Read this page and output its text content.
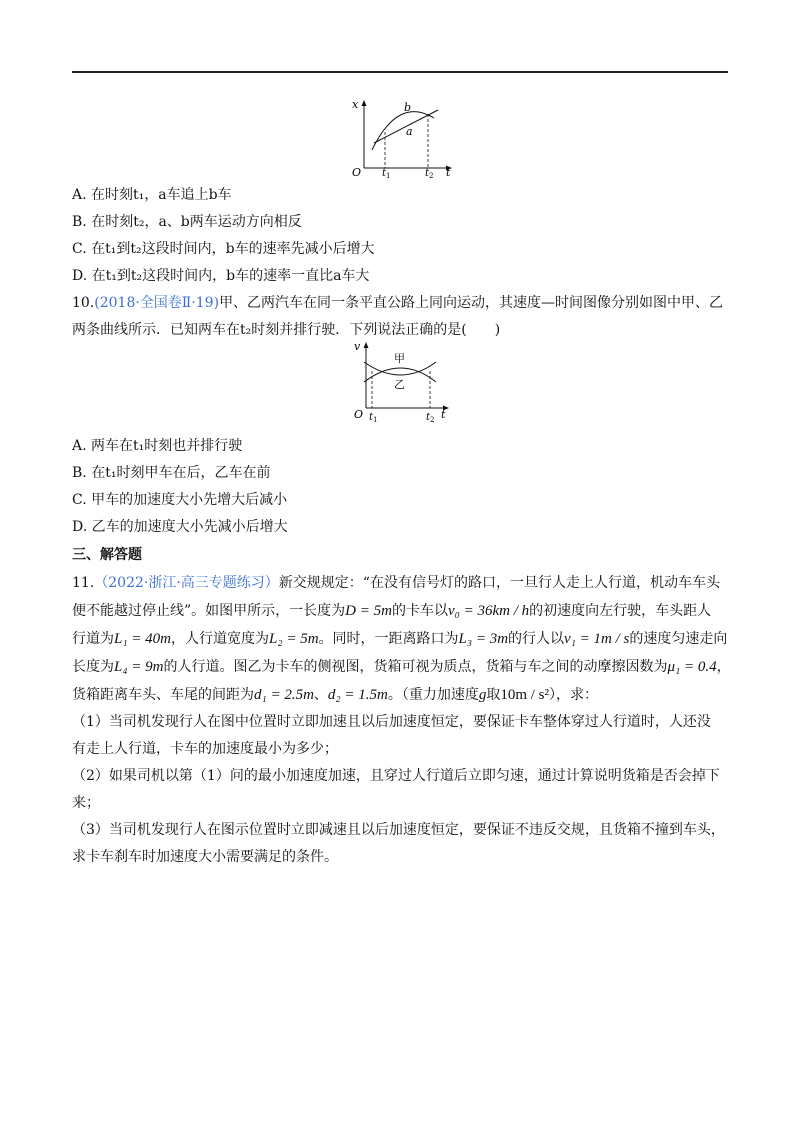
x	b
a
O $t_1$	$t_2$ t
A. 在时刻t₁，a车追上b车
B. 在时刻t₂，a、b两车运动方向相反
C. 在t₁到t₂这段时间内，b车的速率先减小后增大
D. 在t₁到t₂这段时间内，b车的速率一直比a车大
10.(2018·全国卷Ⅱ·19)甲、乙两汽车在同一条平直公路上同向运动，其速度—时间图像分别如图中甲、乙
两条曲线所示．已知两车在t₂时刻并排行驶．下列说法正确的是(　　)
v
甲
乙
O $t_1$	$t_2$ t
A. 两车在t₁时刻也并排行驶
B. 在t₁时刻甲车在后，乙车在前
C. 甲车的加速度大小先增大后减小
D. 乙车的加速度大小先减小后增大
三、解答题
11.（2022·浙江·高三专题练习）新交规规定：“在没有信号灯的路口，一旦行人走上人行道，机动车车头
便不能越过停止线”。如图甲所示，一长度为D = 5m的卡车以v₀ = 36km / h的初速度向左行驶，车头距人
行道为L₁ = 40m，人行道宽度为L₂ = 5m。同时，一距离路口为L₃ = 3m的行人以v₁ = 1m / s的速度匀速走向
长度为L₄ = 9m的人行道。图乙为卡车的侧视图，货箱可视为质点，货箱与车之间的动摩擦因数为μ₁ = 0.4，
货箱距离车头、车尾的间距为d₁ = 2.5m、d₂ = 1.5m。（重力加速度g取10m / s²），求：
（1）当司机发现行人在图中位置时立即加速且以后加速度恒定，要保证卡车整体穿过人行道时，人还没
有走上人行道，卡车的加速度最小为多少；
（2）如果司机以第（1）问的最小加速度加速，且穿过人行道后立即匀速，通过计算说明货箱是否会掉下
来；
（3）当司机发现行人在图示位置时立即减速且以后加速度恒定，要保证不违反交规，且货箱不撞到车头，
求卡车刹车时加速度大小需要满足的条件。
